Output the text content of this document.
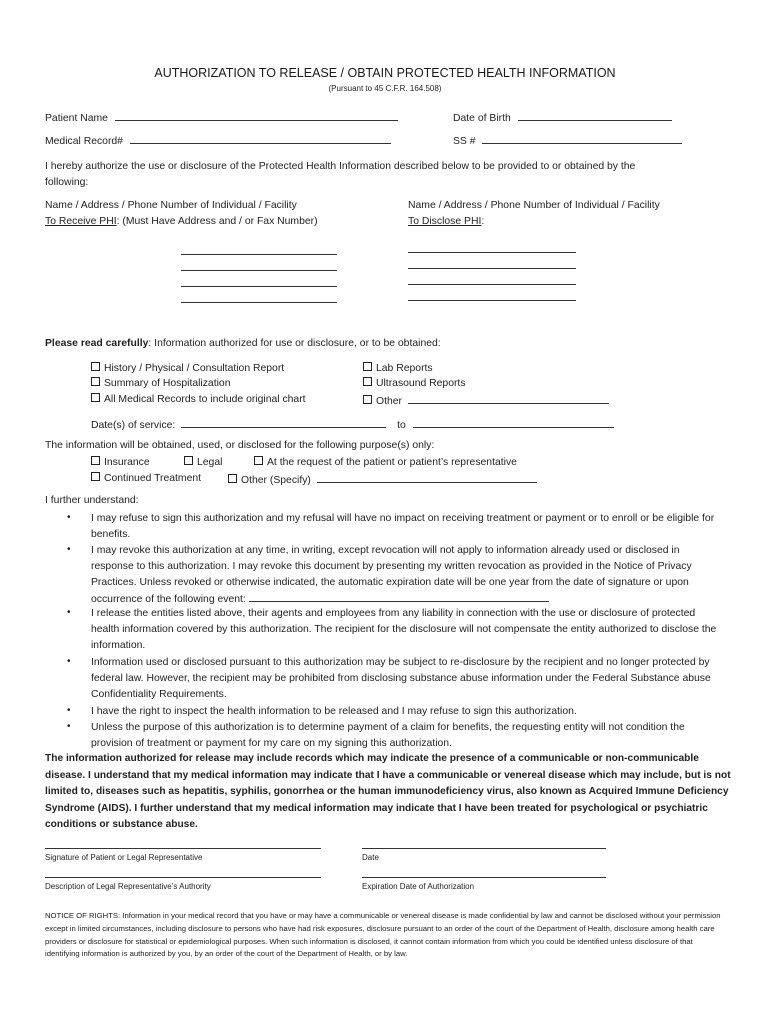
AUTHORIZATION TO RELEASE / OBTAIN PROTECTED HEALTH INFORMATION
(Pursuant to 45 C.F.R. 164.508)
Patient Name	Date of Birth
Medical Record#	SS #
I hereby authorize the use or disclosure of the Protected Health Information described below to be provided to or obtained by the
following:
Name / Address / Phone Number of Individual / Facility
To Receive PHI: (Must Have Address and / or Fax Number)
Name / Address / Phone Number of Individual / Facility
To Disclose PHI:
Please read carefully: Information authorized for use or disclosure, or to be obtained:
History / Physical / Consultation Report
Summary of Hospitalization
All Medical Records to include original chart
Lab Reports
Ultrasound Reports
Other
Date(s) of service:	to
The information will be obtained, used, or disclosed for the following purpose(s) only:
Insurance	Legal	At the request of the patient or patient’s representative
Continued Treatment	Other (Specify)
I further understand:
• I may refuse to sign this authorization and my refusal will have no impact on receiving treatment or payment or to enroll or be eligible for benefits.
• I may revoke this authorization at any time, in writing, except revocation will not apply to information already used or disclosed in response to this authorization. I may revoke this document by presenting my written revocation as provided in the Notice of Privacy Practices. Unless revoked or otherwise indicated, the automatic expiration date will be one year from the date of signature or upon occurrence of the following event:
• I release the entities listed above, their agents and employees from any liability in connection with the use or disclosure of protected health information covered by this authorization. The recipient for the disclosure will not compensate the entity authorized to disclose the information.
• Information used or disclosed pursuant to this authorization may be subject to re-disclosure by the recipient and no longer protected by federal law. However, the recipient may be prohibited from disclosing substance abuse information under the Federal Substance abuse Confidentiality Requirements.
• I have the right to inspect the health information to be released and I may refuse to sign this authorization.
• Unless the purpose of this authorization is to determine payment of a claim for benefits, the requesting entity will not condition the provision of treatment or payment for my care on my signing this authorization.
The information authorized for release may include records which may indicate the presence of a communicable or non-communicable disease. I understand that my medical information may indicate that I have a communicable or venereal disease which may include, but is not limited to, diseases such as hepatitis, syphilis, gonorrhea or the human immunodeficiency virus, also known as Acquired Immune Deficiency Syndrome (AIDS). I further understand that my medical information may indicate that I have been treated for psychological or psychiatric conditions or substance abuse.
Signature of Patient or Legal Representative	Date
Description of Legal Representative’s Authority	Expiration Date of Authorization
NOTICE OF RIGHTS: Information in your medical record that you have or may have a communicable or venereal disease is made confidential by law and cannot be disclosed without your permission except in limited circumstances, including disclosure to persons who have had risk exposures, disclosure pursuant to an order of the court of the Department of Health, disclosure among health care providers or disclosure for statistical or epidemiological purposes. When such information is disclosed, it cannot contain information from which you could be identified unless disclosure of that identifying information is authorized by you, by an order of the court of the Department of Health, or by law.
